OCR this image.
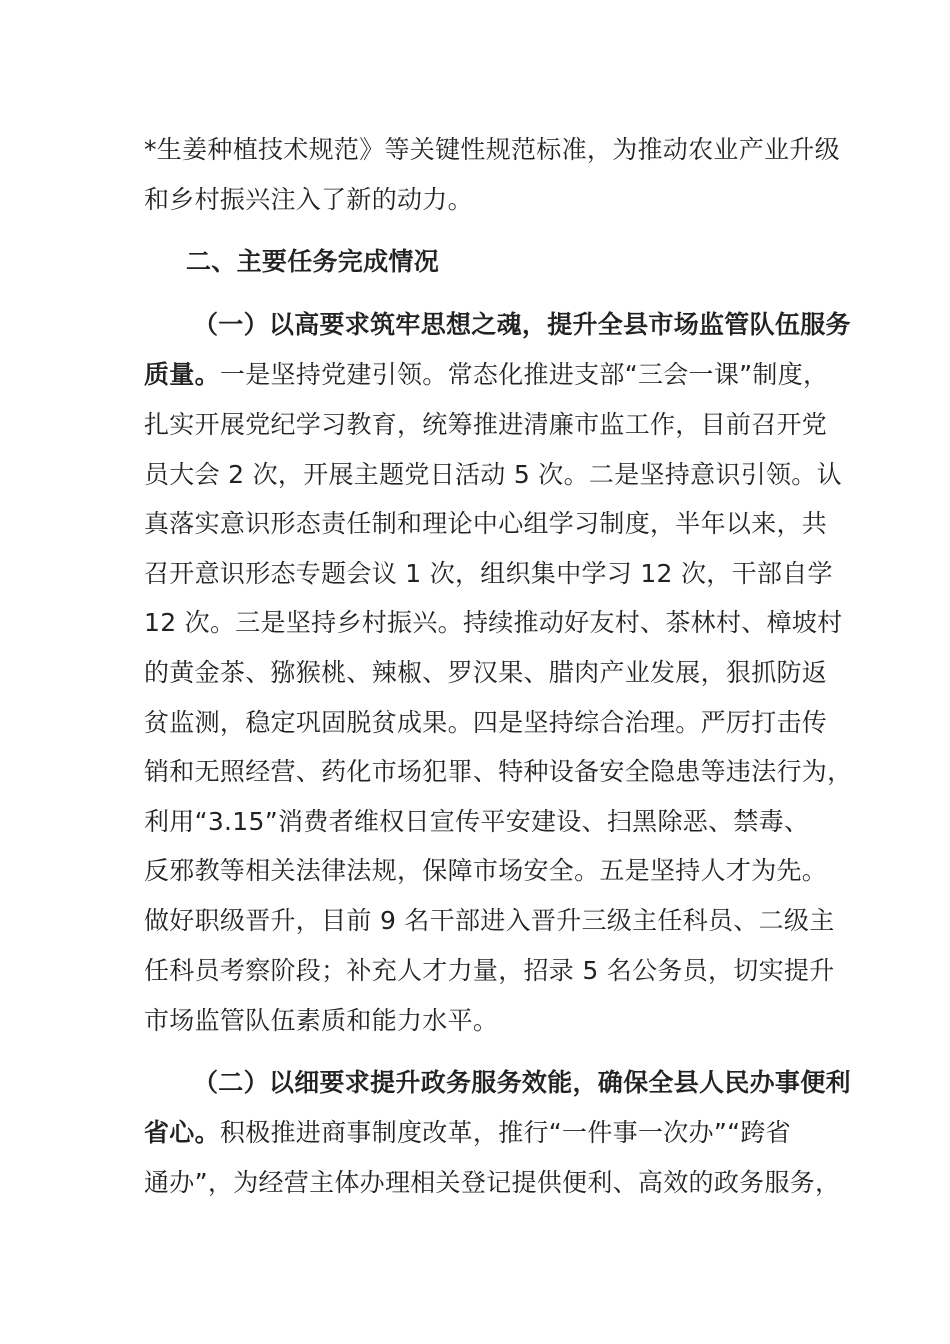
*生姜种植技术规范》等关键性规范标准，为推动农业产业升级
和乡村振兴注入了新的动力。
二、主要任务完成情况
（一）以高要求筑牢思想之魂，提升全县市场监管队伍服务
质量。一是坚持党建引领。常态化推进支部“三会一课”制度，
扎实开展党纪学习教育，统筹推进清廉市监工作，目前召开党
员大会 2 次，开展主题党日活动 5 次。二是坚持意识引领。认
真落实意识形态责任制和理论中心组学习制度，半年以来，共
召开意识形态专题会议 1 次，组织集中学习 12 次，干部自学
12 次。三是坚持乡村振兴。持续推动好友村、茶林村、樟坡村
的黄金茶、猕猴桃、辣椒、罗汉果、腊肉产业发展，狠抓防返
贫监测，稳定巩固脱贫成果。四是坚持综合治理。严厉打击传
销和无照经营、药化市场犯罪、特种设备安全隐患等违法行为，
利用“3.15”消费者维权日宣传平安建设、扫黑除恶、禁毒、
反邪教等相关法律法规，保障市场安全。五是坚持人才为先。
做好职级晋升，目前 9 名干部进入晋升三级主任科员、二级主
任科员考察阶段；补充人才力量，招录 5 名公务员，切实提升
市场监管队伍素质和能力水平。
（二）以细要求提升政务服务效能，确保全县人民办事便利
省心。积极推进商事制度改革，推行“一件事一次办”“跨省
通办”，为经营主体办理相关登记提供便利、高效的政务服务，
